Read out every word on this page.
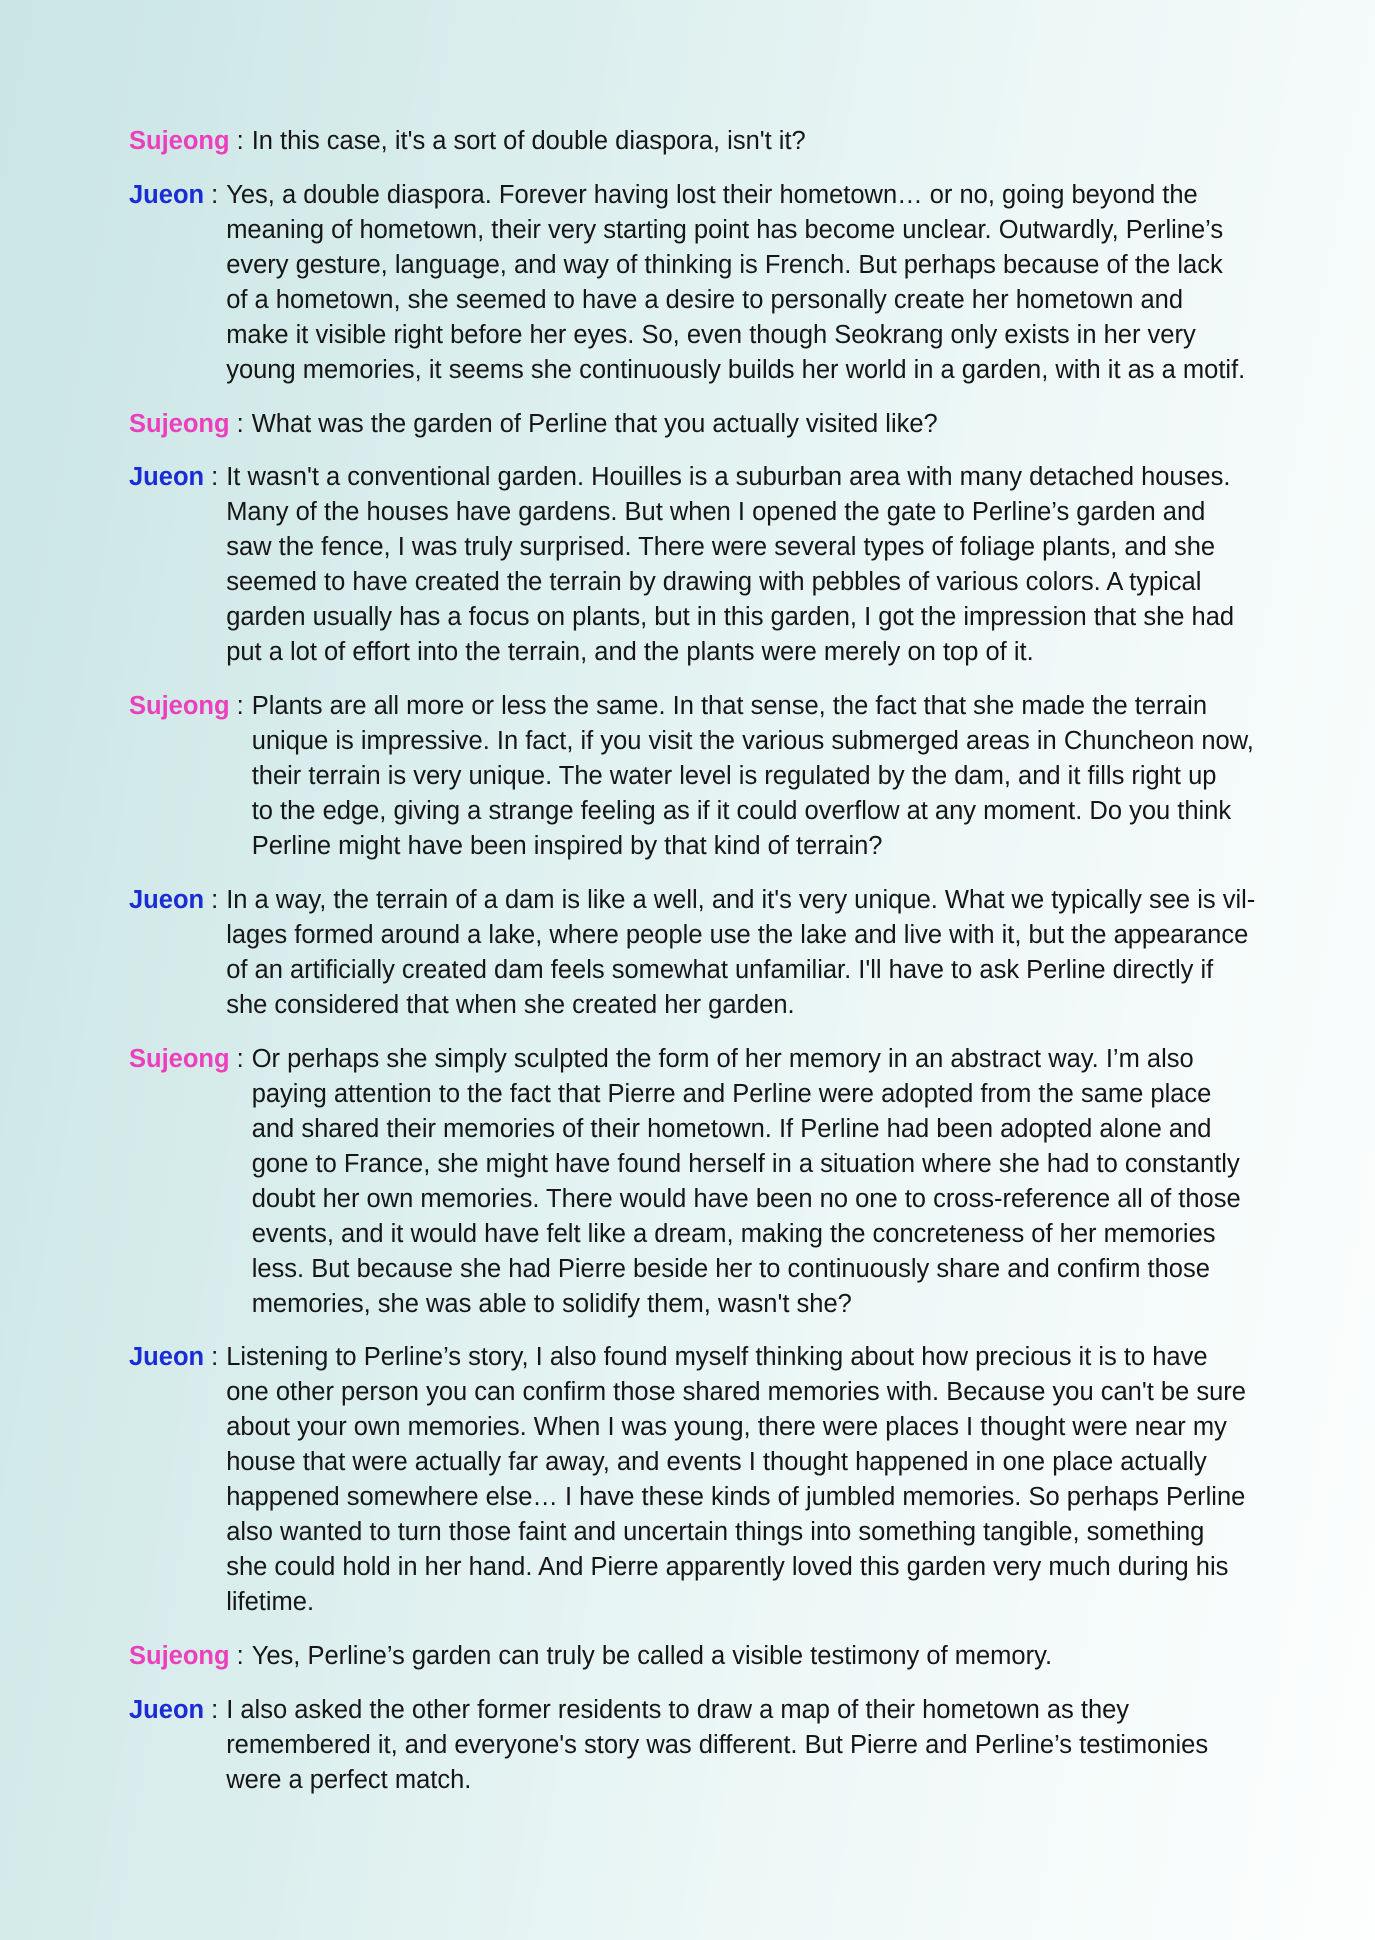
Sujeong : In this case, it's a sort of double diaspora, isn't it?
Jueon : Yes, a double diaspora. Forever having lost their hometown… or no, going beyond the
meaning of hometown, their very starting point has become unclear. Outwardly, Perline’s
every gesture, language, and way of thinking is French. But perhaps because of the lack
of a hometown, she seemed to have a desire to personally create her hometown and
make it visible right before her eyes. So, even though Seokrang only exists in her very
young memories, it seems she continuously builds her world in a garden, with it as a motif.
Sujeong : What was the garden of Perline that you actually visited like?
Jueon : It wasn't a conventional garden. Houilles is a suburban area with many detached houses.
Many of the houses have gardens. But when I opened the gate to Perline’s garden and
saw the fence, I was truly surprised. There were several types of foliage plants, and she
seemed to have created the terrain by drawing with pebbles of various colors. A typical
garden usually has a focus on plants, but in this garden, I got the impression that she had
put a lot of effort into the terrain, and the plants were merely on top of it.
Sujeong : Plants are all more or less the same. In that sense, the fact that she made the terrain
unique is impressive. In fact, if you visit the various submerged areas in Chuncheon now,
their terrain is very unique. The water level is regulated by the dam, and it fills right up
to the edge, giving a strange feeling as if it could overflow at any moment. Do you think
Perline might have been inspired by that kind of terrain?
Jueon : In a way, the terrain of a dam is like a well, and it's very unique. What we typically see is vil-
lages formed around a lake, where people use the lake and live with it, but the appearance
of an artificially created dam feels somewhat unfamiliar. I'll have to ask Perline directly if
she considered that when she created her garden.
Sujeong : Or perhaps she simply sculpted the form of her memory in an abstract way. I’m also
paying attention to the fact that Pierre and Perline were adopted from the same place
and shared their memories of their hometown. If Perline had been adopted alone and
gone to France, she might have found herself in a situation where she had to constantly
doubt her own memories. There would have been no one to cross-reference all of those
events, and it would have felt like a dream, making the concreteness of her memories
less. But because she had Pierre beside her to continuously share and confirm those
memories, she was able to solidify them, wasn't she?
Jueon : Listening to Perline’s story, I also found myself thinking about how precious it is to have
one other person you can confirm those shared memories with. Because you can't be sure
about your own memories. When I was young, there were places I thought were near my
house that were actually far away, and events I thought happened in one place actually
happened somewhere else… I have these kinds of jumbled memories. So perhaps Perline
also wanted to turn those faint and uncertain things into something tangible, something
she could hold in her hand. And Pierre apparently loved this garden very much during his
lifetime.
Sujeong : Yes, Perline’s garden can truly be called a visible testimony of memory.
Jueon : I also asked the other former residents to draw a map of their hometown as they
remembered it, and everyone's story was different. But Pierre and Perline’s testimonies
were a perfect match.
